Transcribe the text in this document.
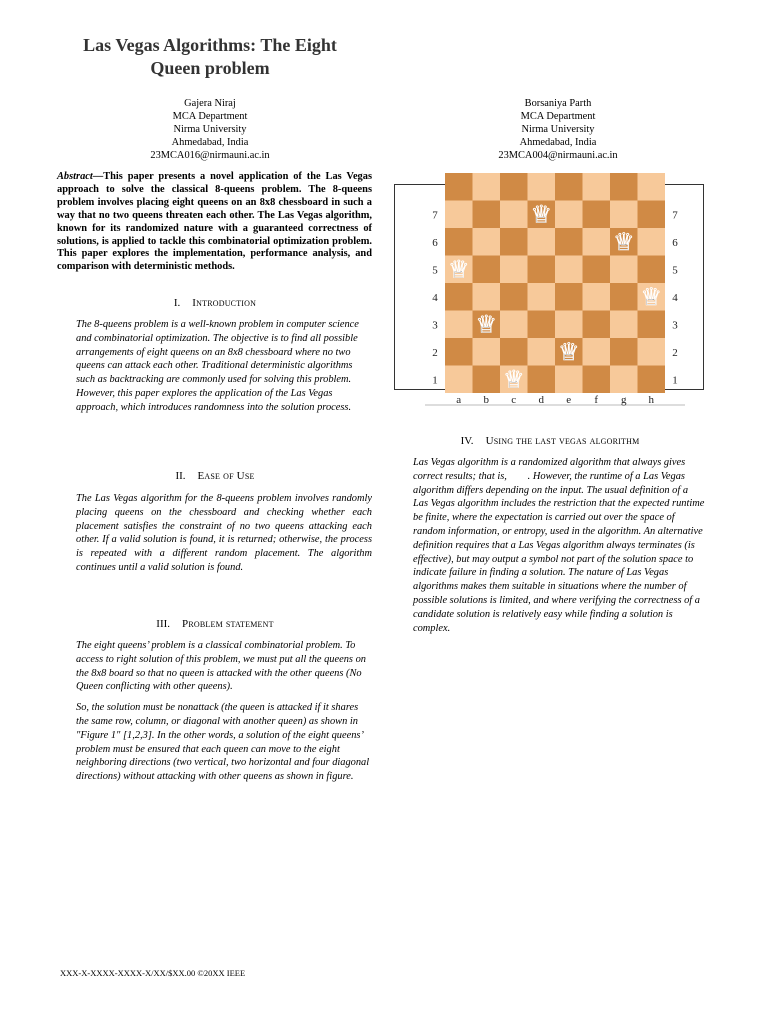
Las Vegas Algorithms: The Eight
Queen problem
Gajera Niraj
MCA Department
Nirma University
Ahmedabad, India
23MCA016@nirmauni.ac.in
Borsaniya Parth
MCA Department
Nirma University
Ahmedabad, India
23MCA004@nirmauni.ac.in
Abstract—This paper presents a novel application of the Las Vegas approach to solve the classical 8-queens problem. The 8-queens problem involves placing eight queens on an 8x8 chessboard in such a way that no two queens threaten each other. The Las Vegas algorithm, known for its randomized nature with a guaranteed correctness of solutions, is applied to tackle this combinatorial optimization problem. This paper explores the implementation, performance analysis, and comparison with deterministic methods.
I. Introduction

The 8-queens problem is a well-known problem in computer science and combinatorial optimization. The objective is to find all possible arrangements of eight queens on an 8x8 chessboard where no two queens can attack each other. Traditional deterministic algorithms such as backtracking are commonly used for solving this problem. However, this paper explores the application of the Las Vegas approach, which introduces randomness into the solution process.

II. Ease of Use

The Las Vegas algorithm for the 8-queens problem involves randomly placing queens on the chessboard and checking whether each placement satisfies the constraint of no two queens attacking each other. If a valid solution is found, it is returned; otherwise, the process is repeated with a different random placement. The algorithm continues until a valid solution is found.

III. Problem statement

The eight queens’ problem is a classical combinatorial problem. To access to right solution of this problem, we must put all the queens on the 8x8 board so that no queen is attacked with the other queens (No Queen conflicting with other queens).

So, the solution must be nonattack (the queen is attacked if it shares the same row, column, or diagonal with another queen) as shown in "Figure 1" [1,2,3]. In the other words, a solution of the eight queens’ problem must be ensured that each queen can move to the eight neighboring directions (two vertical, two horizontal and four diagonal directions) without attacking with other queens as shown in figure.

7	7
6	6
5	5
4	4
3	3
2	2
1	1
a b c d e f g h
♕
♕
♕
♕
♕
♕
♕
IV. Using the last vegas algorithm

Las Vegas algorithm is a randomized algorithm that always gives correct results; that is,        . However, the runtime of a Las Vegas algorithm differs depending on the input. The usual definition of a Las Vegas algorithm includes the restriction that the expected runtime be finite, where the expectation is carried out over the space of random information, or entropy, used in the algorithm. An alternative definition requires that a Las Vegas algorithm always terminates (is effective), but may output a symbol not part of the solution space to indicate failure in finding a solution. The nature of Las Vegas algorithms makes them suitable in situations where the number of possible solutions is limited, and where verifying the correctness of a candidate solution is relatively easy while finding a solution is complex.

XXX-X-XXXX-XXXX-X/XX/$XX.00 ©20XX IEEE
